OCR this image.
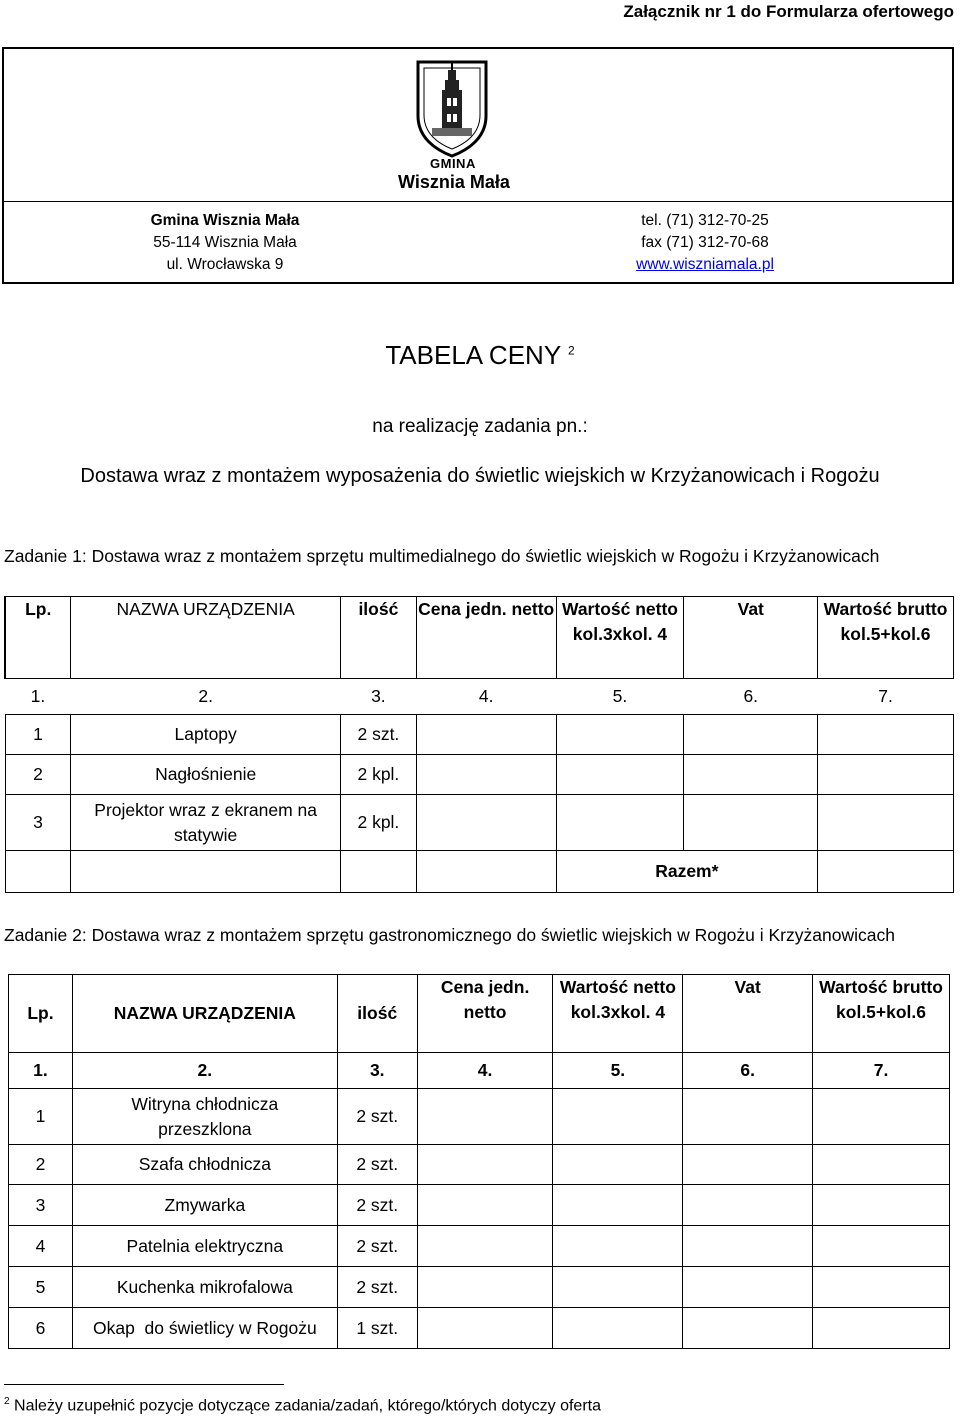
Załącznik nr 1 do Formularza ofertowego
GMINA
Wisznia Mała
Gmina Wisznia Mała
55-114 Wisznia Mała
ul. Wrocławska 9
tel. (71) 312-70-25
fax (71) 312-70-68
www.wiszniamala.pl
TABELA CENY $^2$
na realizację zadania pn.:
Dostawa wraz z montażem wyposażenia do świetlic wiejskich w Krzyżanowicach i Rogożu
Zadanie 1: Dostawa wraz z montażem sprzętu multimedialnego do świetlic wiejskich w Rogożu i Krzyżanowicach
Lp.	NAZWA URZĄDZENIA	ilość	Cena jedn. netto	Wartość netto kol.3xkol. 4	Vat	Wartość brutto kol.5+kol.6
1.	2.	3.	4.	5.	6.	7.
1	Laptopy	2 szt.				
2	Nagłośnienie	2 kpl.				
3	Projektor wraz z ekranem na statywie	2 kpl.				
				Razem*		
Zadanie 2: Dostawa wraz z montażem sprzętu gastronomicznego do świetlic wiejskich w Rogożu i Krzyżanowicach
Lp.	NAZWA URZĄDZENIA	ilość	Cena jedn. netto	Wartość netto kol.3xkol. 4	Vat	Wartość brutto kol.5+kol.6
1.	2.	3.	4.	5.	6.	7.
1	Witryna chłodnicza przeszklona	2 szt.				
2	Szafa chłodnicza	2 szt.				
3	Zmywarka	2 szt.				
4	Patelnia elektryczna	2 szt.				
5	Kuchenka mikrofalowa	2 szt.				
6	Okap  do świetlicy w Rogożu	1 szt.				
$^2$ Należy uzupełnić pozycje dotyczące zadania/zadań, którego/których dotyczy oferta
